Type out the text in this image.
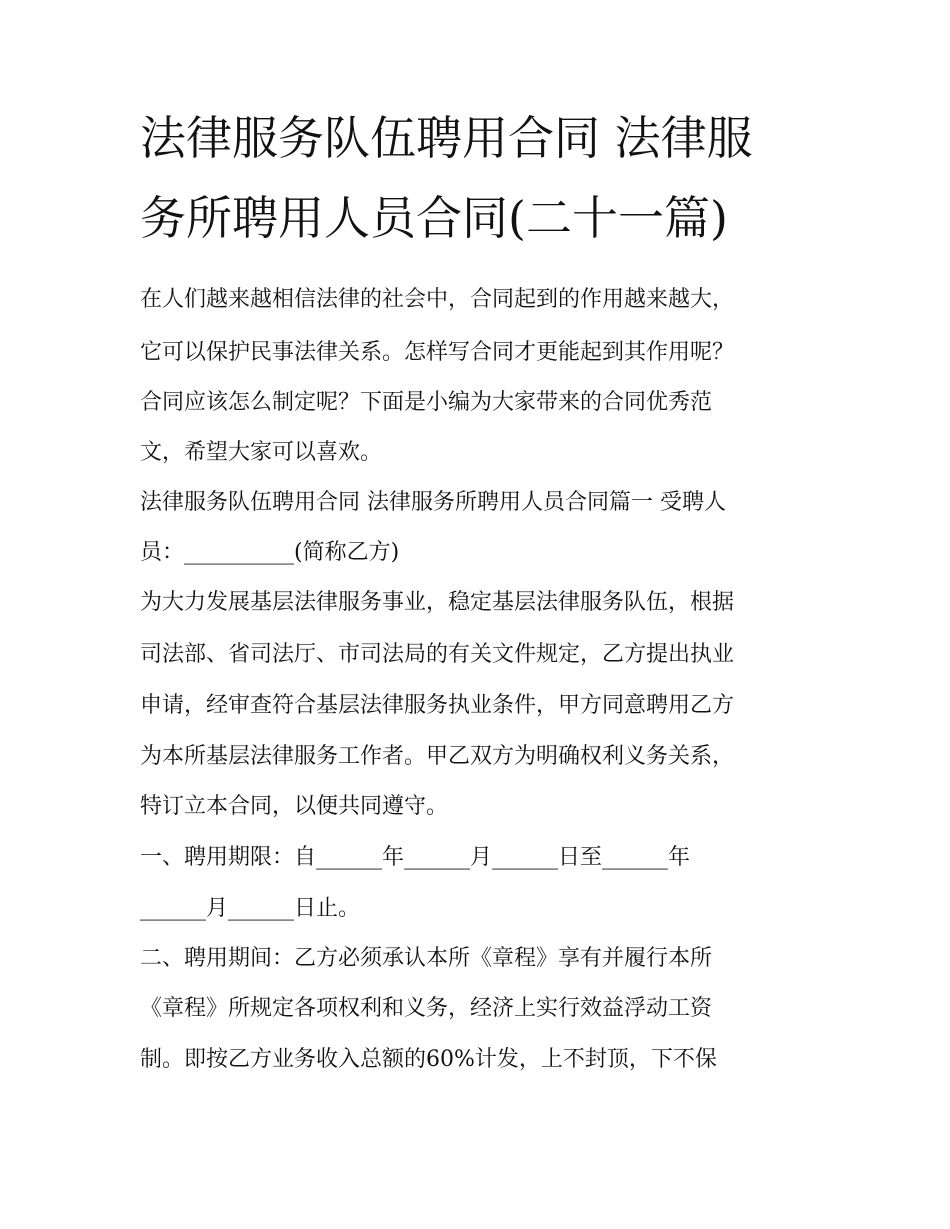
法律服务队伍聘用合同 法律服
务所聘用人员合同(二十一篇)
在人们越来越相信法律的社会中，合同起到的作用越来越大，
它可以保护民事法律关系。怎样写合同才更能起到其作用呢？
合同应该怎么制定呢？下面是小编为大家带来的合同优秀范
文，希望大家可以喜欢。
法律服务队伍聘用合同 法律服务所聘用人员合同篇一 受聘人
员：__________(简称乙方)
为大力发展基层法律服务事业，稳定基层法律服务队伍，根据
司法部、省司法厅、市司法局的有关文件规定，乙方提出执业
申请，经审查符合基层法律服务执业条件，甲方同意聘用乙方
为本所基层法律服务工作者。甲乙双方为明确权利义务关系，
特订立本合同，以便共同遵守。
一、聘用期限：自______年______月______日至______年
______月______日止。
二、聘用期间：乙方必须承认本所《章程》享有并履行本所
《章程》所规定各项权利和义务，经济上实行效益浮动工资
制。即按乙方业务收入总额的60%计发，上不封顶，下不保
